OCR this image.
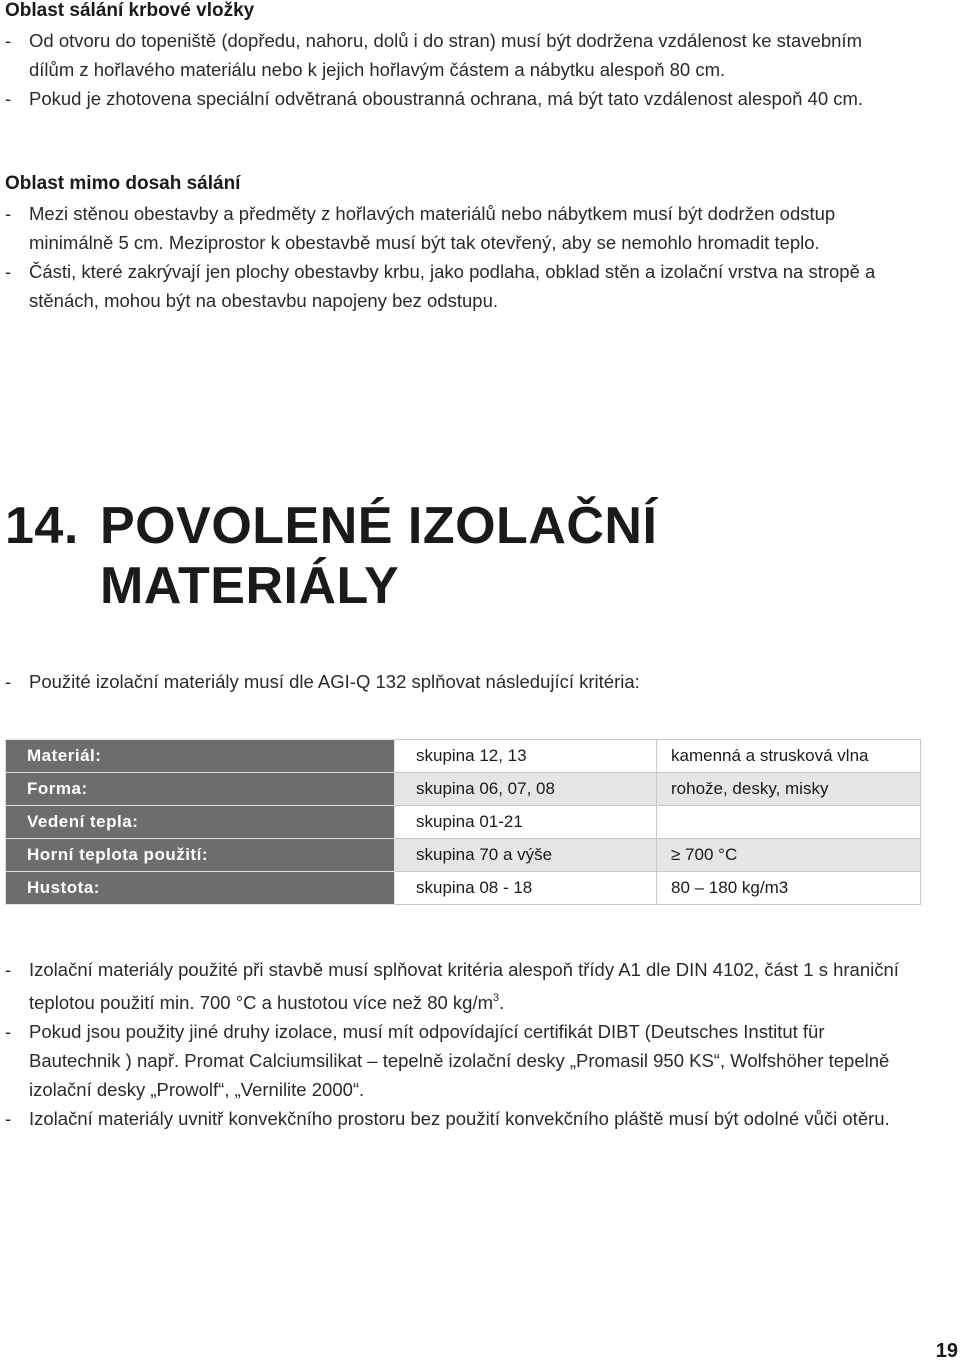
Oblast sálání krbové vložky
- Od otvoru do topeniště (dopředu, nahoru, dolů i do stran) musí být dodržena vzdálenost ke stavebním dílům z hořlavého materiálu nebo k jejich hořlavým částem a nábytku alespoň 80 cm.
- Pokud je zhotovena speciální odvětraná oboustranná ochrana, má být tato vzdálenost alespoň 40 cm.
Oblast mimo dosah sálání
- Mezi stěnou obestavby a předměty z hořlavých materiálů nebo nábytkem musí být dodržen odstup minimálně 5 cm. Meziprostor k obestavbě musí být tak otevřený, aby se nemohlo hromadit teplo.
- Části, které zakrývají jen plochy obestavby krbu, jako podlaha, obklad stěn a izolační vrstva na stropě a stěnách, mohou být na obestavbu napojeny bez odstupu.
14. POVOLENÉ IZOLAČNÍ MATERIÁLY
- Použité izolační materiály musí dle AGI-Q 132 splňovat následující kritéria:
Materiál:	skupina 12, 13	kamenná a strusková vlna
Forma:	skupina 06, 07, 08	rohože, desky, misky
Vedení tepla:	skupina 01-21	
Horní teplota použití:	skupina 70 a výše	≥ 700 °C
Hustota:	skupina 08 - 18	80 – 180 kg/m3
- Izolační materiály použité při stavbě musí splňovat kritéria alespoň třídy A1 dle DIN 4102, část 1 s hraniční teplotou použití min. 700 °C a hustotou více než 80 $kg/m^3$.
- Pokud jsou použity jiné druhy izolace, musí mít odpovídající certifikát DIBT (Deutsches Institut für Bautechnik ) např. Promat Calciumsilikat – tepelně izolační desky „Promasil 950 KS“, Wolfshöher tepelně izolační desky „Prowolf“, „Vernilite 2000“.
- Izolační materiály uvnitř konvekčního prostoru bez použití konvekčního pláště musí být odolné vůči otěru.
19
